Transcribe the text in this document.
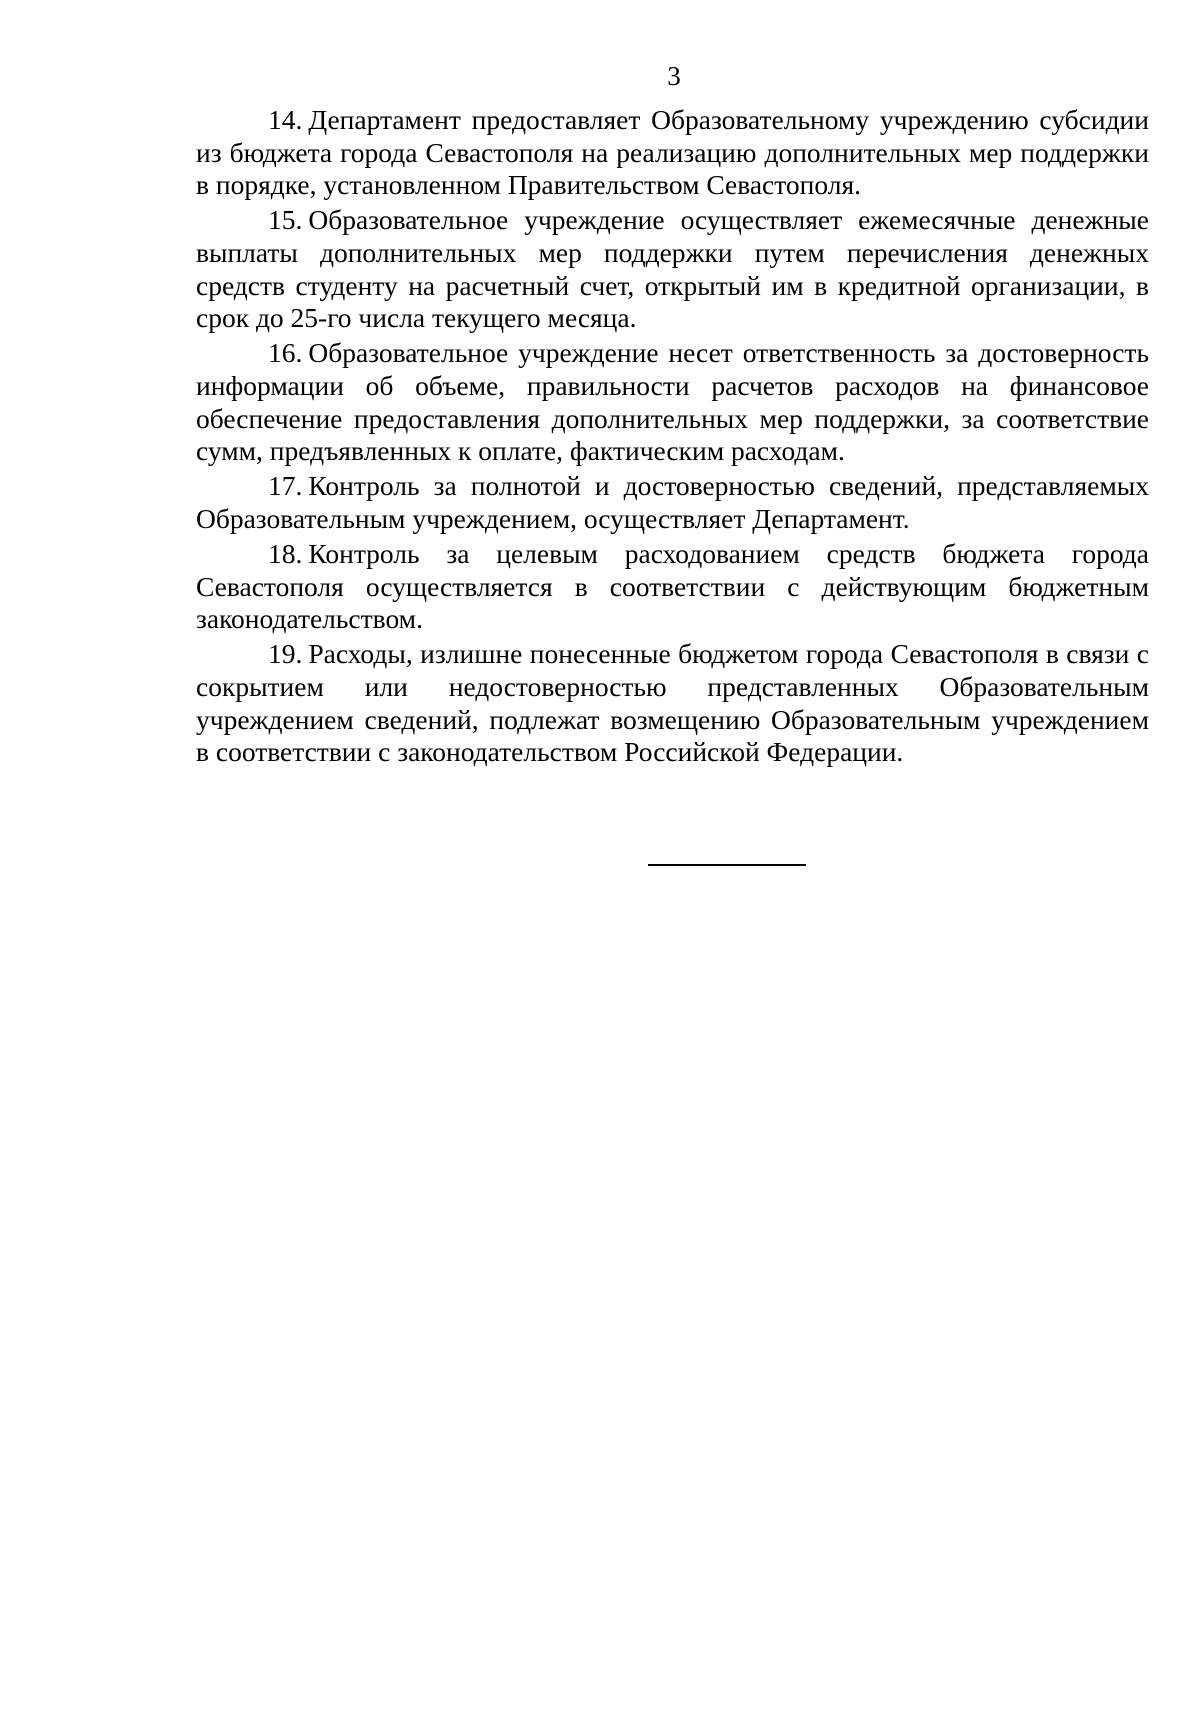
3

14. Департамент предоставляет Образовательному учреждению субсидии из бюджета города Севастополя на реализацию дополнительных мер поддержки в порядке, установленном Правительством Севастополя.

15. Образовательное учреждение осуществляет ежемесячные денежные выплаты дополнительных мер поддержки путем перечисления денежных средств студенту на расчетный счет, открытый им в кредитной организации, в срок до 25-го числа текущего месяца.

16. Образовательное учреждение несет ответственность за достоверность информации об объеме, правильности расчетов расходов на финансовое обеспечение предоставления дополнительных мер поддержки, за соответствие сумм, предъявленных к оплате, фактическим расходам.

17. Контроль за полнотой и достоверностью сведений, представляемых Образовательным учреждением, осуществляет Департамент.

18. Контроль за целевым расходованием средств бюджета города Севастополя осуществляется в соответствии с действующим бюджетным законодательством.

19. Расходы, излишне понесенные бюджетом города Севастополя в связи с сокрытием или недостоверностью представленных Образовательным учреждением сведений, подлежат возмещению Образовательным учреждением в соответствии с законодательством Российской Федерации.
